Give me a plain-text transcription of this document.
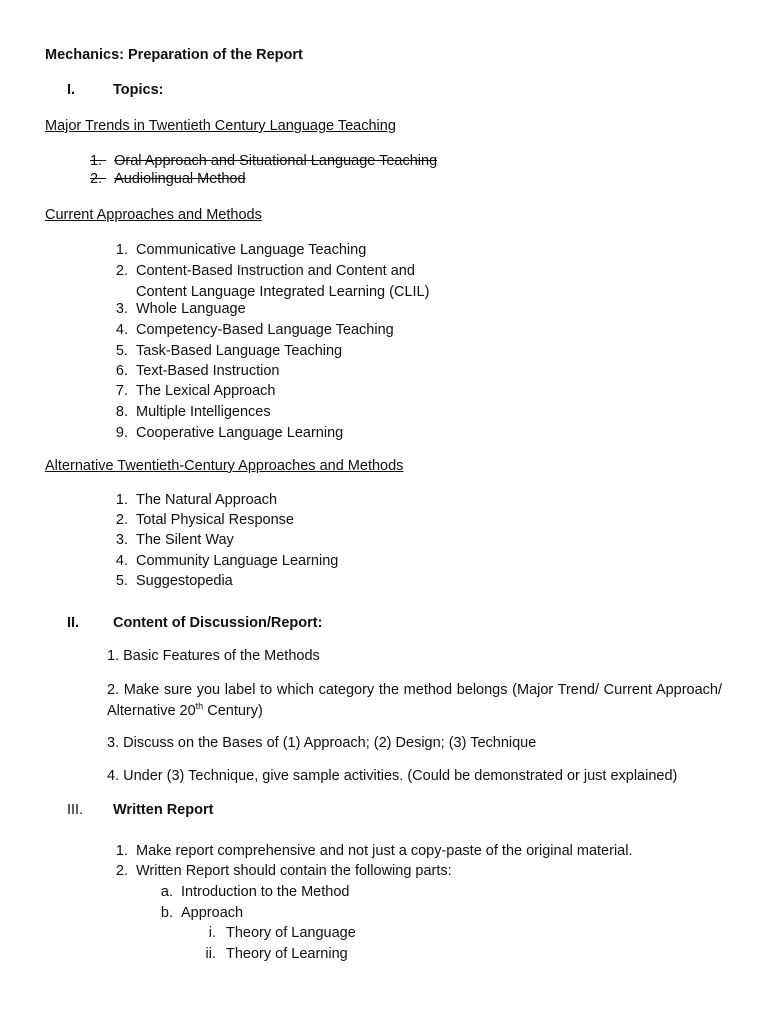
Mechanics: Preparation of the Report
I.	Topics:
Major Trends in Twentieth Century Language Teaching
1. Oral Approach and Situational Language Teaching
2. Audiolingual Method
Current Approaches and Methods
1. Communicative Language Teaching
2. Content-Based Instruction and Content and
Content Language Integrated Learning (CLIL)
3. Whole Language
4. Competency-Based Language Teaching
5. Task-Based Language Teaching
6. Text-Based Instruction
7. The Lexical Approach
8. Multiple Intelligences
9. Cooperative Language Learning
Alternative Twentieth-Century Approaches and Methods
1. The Natural Approach
2. Total Physical Response
3. The Silent Way
4. Community Language Learning
5. Suggestopedia
II. Content of Discussion/Report:
1. Basic Features of the Methods
2. Make sure you label to which category the method belongs (Major Trend/ Current Approach/ Alternative 20th Century)
3. Discuss on the Bases of (1) Approach; (2) Design; (3) Technique
4. Under (3) Technique, give sample activities. (Could be demonstrated or just explained)
III. Written Report
1. Make report comprehensive and not just a copy-paste of the original material.
2. Written Report should contain the following parts:
a. Introduction to the Method
b. Approach
i. Theory of Language
ii. Theory of Learning
